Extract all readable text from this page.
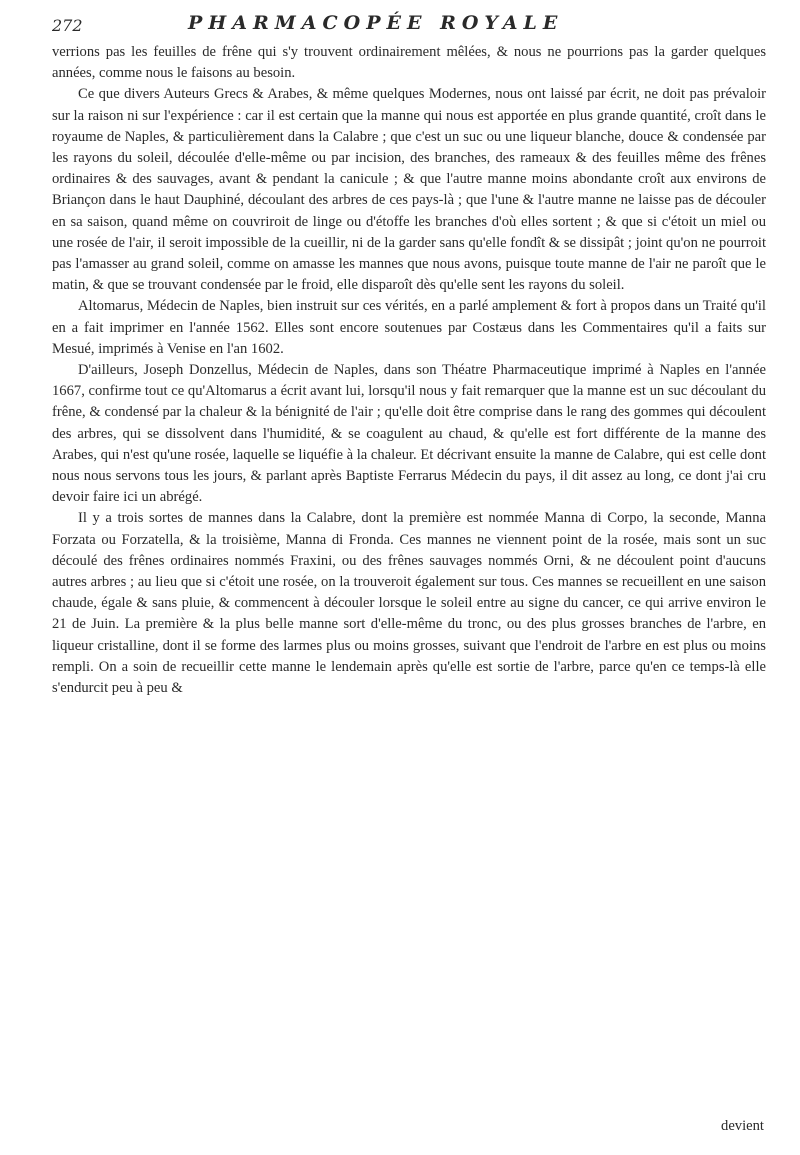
272	PHARMACOPÉE ROYALE

verrions pas les feuilles de frêne qui s'y trouvent ordinairement mêlées, & nous ne pourrions pas la garder quelques années, comme nous le faisons au besoin.

Ce que divers Auteurs Grecs & Arabes, & même quelques Modernes, nous ont laissé par écrit, ne doit pas prévaloir sur la raison ni sur l'expérience : car il est certain que la manne qui nous est apportée en plus grande quantité, croît dans le royaume de Naples, & particulièrement dans la Calabre ; que c'est un suc ou une liqueur blanche, douce & condensée par les rayons du soleil, découlée d'elle-même ou par incision, des branches, des rameaux & des feuilles même des frênes ordinaires & des sauvages, avant & pendant la canicule ; & que l'autre manne moins abondante croît aux environs de Briançon dans le haut Dauphiné, découlant des arbres de ces pays-là ; que l'une & l'autre manne ne laisse pas de découler en sa saison, quand même on couvriroit de linge ou d'étoffe les branches d'où elles sortent ; & que si c'étoit un miel ou une rosée de l'air, il seroit impossible de la cueillir, ni de la garder sans qu'elle fondît & se dissipât ; joint qu'on ne pourroit pas l'amasser au grand soleil, comme on amasse les mannes que nous avons, puisque toute manne de l'air ne paroît que le matin, & que se trouvant condensée par le froid, elle disparoît dès qu'elle sent les rayons du soleil.

Altomarus, Médecin de Naples, bien instruit sur ces vérités, en a parlé amplement & fort à propos dans un Traité qu'il en a fait imprimer en l'année 1562. Elles sont encore soutenues par Costæus dans les Commentaires qu'il a faits sur Mesué, imprimés à Venise en l'an 1602.

D'ailleurs, Joseph Donzellus, Médecin de Naples, dans son Théatre Pharmaceutique imprimé à Naples en l'année 1667, confirme tout ce qu'Altomarus a écrit avant lui, lorsqu'il nous y fait remarquer que la manne est un suc découlant du frêne, & condensé par la chaleur & la bénignité de l'air ; qu'elle doit être comprise dans le rang des gommes qui découlent des arbres, qui se dissolvent dans l'humidité, & se coagulent au chaud, & qu'elle est fort différente de la manne des Arabes, qui n'est qu'une rosée, laquelle se liquéfie à la chaleur. Et décrivant ensuite la manne de Calabre, qui est celle dont nous nous servons tous les jours, & parlant après Baptiste Ferrarus Médecin du pays, il dit assez au long, ce dont j'ai cru devoir faire ici un abrégé.

Il y a trois sortes de mannes dans la Calabre, dont la première est nommée Manna di Corpo, la seconde, Manna Forzata ou Forzatella, & la troisième, Manna di Fronda. Ces mannes ne viennent point de la rosée, mais sont un suc découlé des frênes ordinaires nommés Fraxini, ou des frênes sauvages nommés Orni, & ne découlent point d'aucuns autres arbres ; au lieu que si c'étoit une rosée, on la trouveroit également sur tous. Ces mannes se recueillent en une saison chaude, égale & sans pluie, & commencent à découler lorsque le soleil entre au signe du cancer, ce qui arrive environ le 21 de Juin. La première & la plus belle manne sort d'elle-même du tronc, ou des plus grosses branches de l'arbre, en liqueur cristalline, dont il se forme des larmes plus ou moins grosses, suivant que l'endroit de l'arbre en est plus ou moins rempli. On a soin de recueillir cette manne le lendemain après qu'elle est sortie de l'arbre, parce qu'en ce temps-là elle s'endurcit peu à peu &

devient
